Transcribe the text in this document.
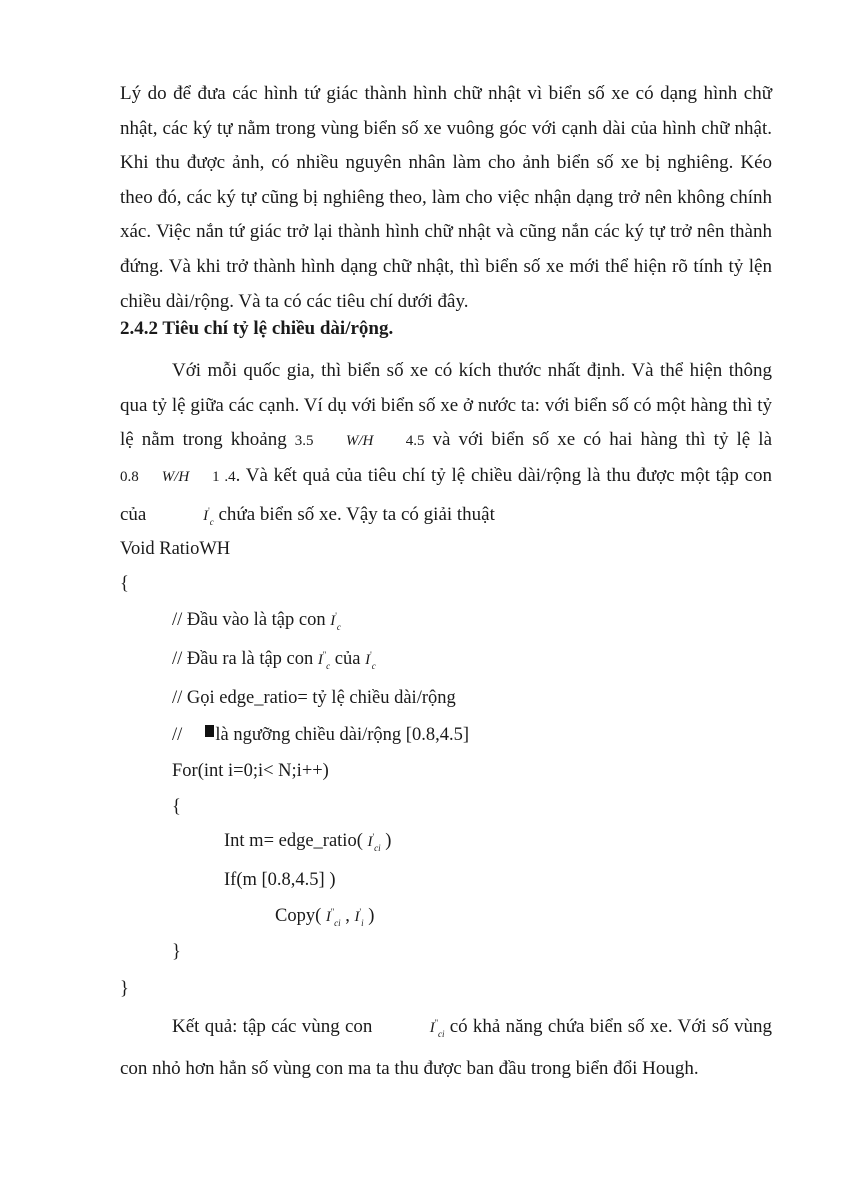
Lý do để đưa các hình tứ giác thành hình chữ nhật vì biển số xe có dạng hình chữ nhật, các ký tự nằm trong vùng biển số xe vuông góc với cạnh dài của hình chữ nhật. Khi thu được ảnh, có nhiều nguyên nhân làm cho ảnh biển số xe bị nghiêng. Kéo theo đó, các ký tự cũng bị nghiêng theo, làm cho việc nhận dạng trở nên không chính xác. Việc nắn tứ giác trở lại thành hình chữ nhật và cũng nắn các ký tự trở nên thành đứng. Và khi trở thành hình dạng chữ nhật, thì biển số xe mới thể hiện rõ tính tỷ lện chiều dài/rộng. Và ta có các tiêu chí dưới đây.

2.4.2 Tiêu chí tỷ lệ chiều dài/rộng.

Với mỗi quốc gia, thì biển số xe có kích thước nhất định. Và thể hiện thông qua tỷ lệ giữa các cạnh. Ví dụ với biển số xe ở nước ta: với biển số có một hàng thì tỷ lệ nằm trong khoảng 3.5 W/H 4.5 và với biển số xe có hai hàng thì tỷ lệ là 0.8 W/H 1 .4. Và kết quả của tiêu chí tỷ lệ chiều dài/rộng là thu được một tập con của	$I'_c$ chứa biển số xe. Vậy ta có giải thuật

Void RatioWH
{
// Đầu vào là tập con $I'_c$
// Đầu ra là tập con $I''_c$ của $I'_c$
// Gọi edge_ratio= tỷ lệ chiều dài/rộng
// là ngưỡng chiều dài/rộng [0.8,4.5]
For(int i=0;i< N;i++)
{
Int m= edge_ratio( $I'_{ci}$ )
If(m [0.8,4.5] )
Copy( $I''_{ci}$ , $I'_i$ )
}
}

Kết quả: tập các vùng con	$I''_{ci}$ có khả năng chứa biển số xe. Với số vùng con nhỏ hơn hẳn số vùng con ma ta thu được ban đầu trong biển đổi Hough.
